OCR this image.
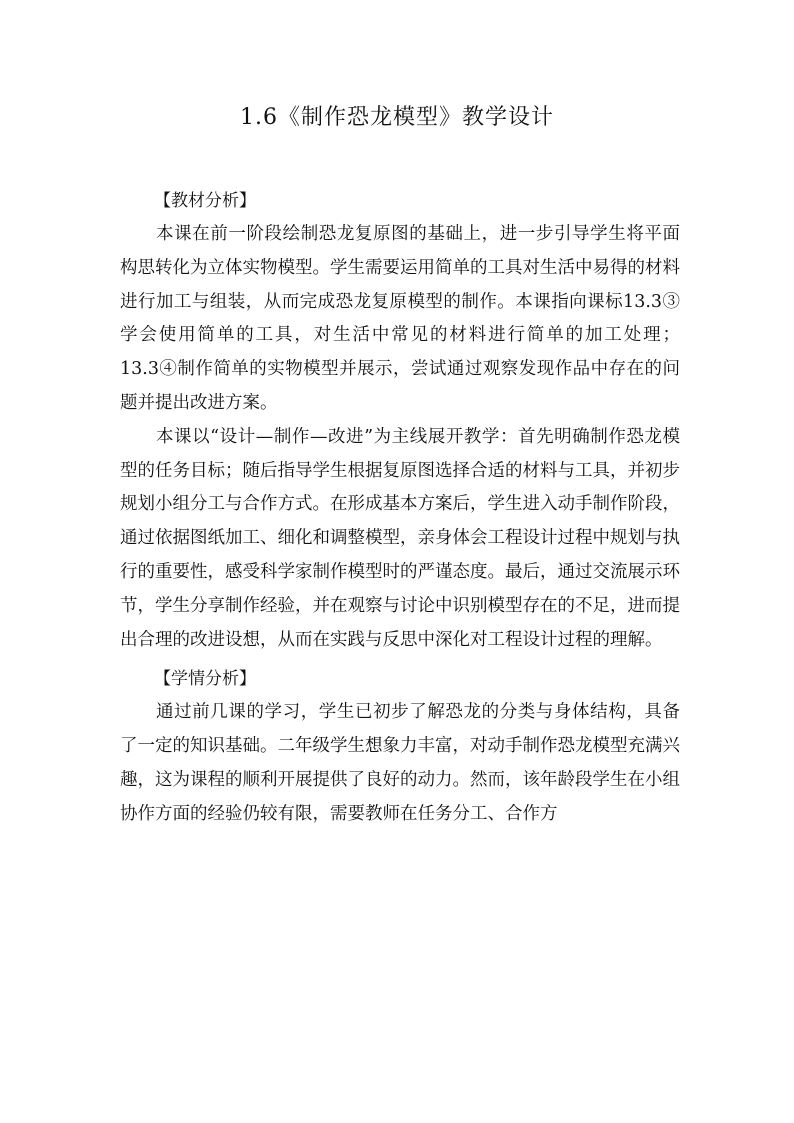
1.6《制作恐龙模型》教学设计
【教材分析】

本课在前一阶段绘制恐龙复原图的基础上，进一步引导学生将平面构思转化为立体实物模型。学生需要运用简单的工具对生活中易得的材料进行加工与组装，从而完成恐龙复原模型的制作。本课指向课标13.3③学会使用简单的工具，对生活中常见的材料进行简单的加工处理；13.3④制作简单的实物模型并展示，尝试通过观察发现作品中存在的问题并提出改进方案。

本课以“设计—制作—改进”为主线展开教学：首先明确制作恐龙模型的任务目标；随后指导学生根据复原图选择合适的材料与工具，并初步规划小组分工与合作方式。在形成基本方案后，学生进入动手制作阶段，通过依据图纸加工、细化和调整模型，亲身体会工程设计过程中规划与执行的重要性，感受科学家制作模型时的严谨态度。最后，通过交流展示环节，学生分享制作经验，并在观察与讨论中识别模型存在的不足，进而提出合理的改进设想，从而在实践与反思中深化对工程设计过程的理解。

【学情分析】

通过前几课的学习，学生已初步了解恐龙的分类与身体结构，具备了一定的知识基础。二年级学生想象力丰富，对动手制作恐龙模型充满兴趣，这为课程的顺利开展提供了良好的动力。然而，该年龄段学生在小组协作方面的经验仍较有限，需要教师在任务分工、合作方
